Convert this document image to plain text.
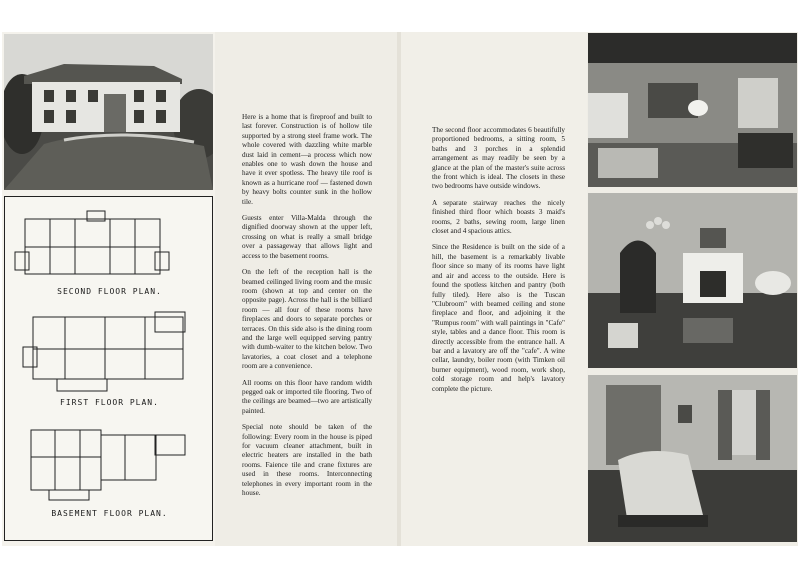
SECOND FLOOR PLAN.
FIRST FLOOR PLAN.
BASEMENT FLOOR PLAN.

Here is a home that is fireproof and built to last forever. Construction is of hollow tile supported by a strong steel frame work. The whole covered with dazzling white marble dust laid in cement—a process which now enables one to wash down the house and have it ever spotless. The heavy tile roof is known as a hurricane roof — fastened down by heavy bolts counter sunk in the hollow tile.

Guests enter Villa-Malda through the dignified doorway shown at the upper left, crossing on what is really a small bridge over a passageway that allows light and access to the basement rooms.

On the left of the reception hall is the beamed ceilinged living room and the music room (shown at top and center on the opposite page). Across the hall is the billiard room — all four of these rooms have fireplaces and doors to separate porches or terraces. On this side also is the dining room and the large well equipped serving pantry with dumb-waiter to the kitchen below. Two lavatories, a coat closet and a telephone room are a convenience.

All rooms on this floor have random width pegged oak or imported tile flooring. Two of the ceilings are beamed—two are artistically painted.

Special note should be taken of the following: Every room in the house is piped for vacuum cleaner attachment, built in electric heaters are installed in the bath rooms. Faience tile and crane fixtures are used in these rooms. Interconnecting telephones in every important room in the house.

The second floor accommodates 6 beautifully proportioned bedrooms, a sitting room, 5 baths and 3 porches in a splendid arrangement as may readily be seen by a glance at the plan of the master's suite across the front which is ideal. The closets in these two bedrooms have outside windows.

A separate stairway reaches the nicely finished third floor which boasts 3 maid's rooms, 2 baths, sewing room, large linen closet and 4 spacious attics.

Since the Residence is built on the side of a hill, the basement is a remarkably livable floor since so many of its rooms have light and air and access to the outside. Here is found the spotless kitchen and pantry (both fully tiled). Here also is the Tuscan "Clubroom" with beamed ceiling and stone fireplace and floor, and adjoining it the "Rumpus room" with wall paintings in "Cafe" style, tables and a dance floor. This room is directly accessible from the entrance hall. A bar and a lavatory are off the "cafe". A wine cellar, laundry, boiler room (with Timken oil burner equipment), wood room, work shop, cold storage room and help's lavatory complete the picture.
